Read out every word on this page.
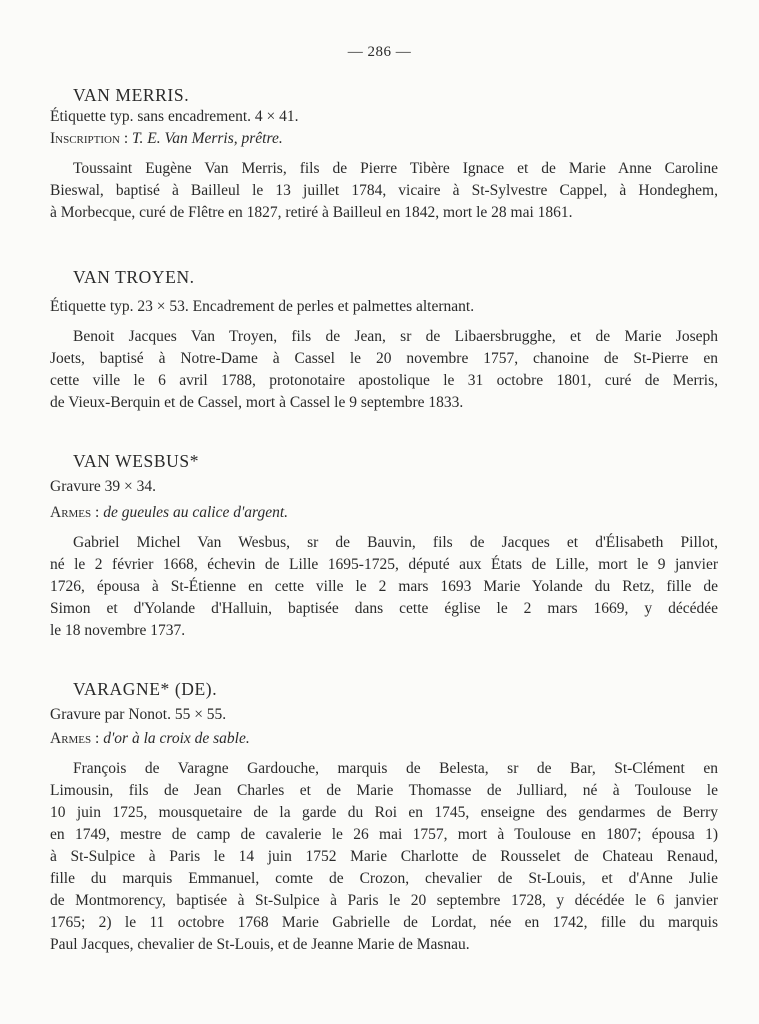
— 286 —
VAN MERRIS.
Étiquette typ. sans encadrement. 4 × 41.
Inscription : T. E. Van Merris, prêtre.
Toussaint Eugène Van Merris, fils de Pierre Tibère Ignace et de Marie Anne Caroline
Bieswal, baptisé à Bailleul le 13 juillet 1784, vicaire à St-Sylvestre Cappel, à Hondeghem,
à Morbecque, curé de Flêtre en 1827, retiré à Bailleul en 1842, mort le 28 mai 1861.
VAN TROYEN.
Étiquette typ. 23 × 53. Encadrement de perles et palmettes alternant.
Benoit Jacques Van Troyen, fils de Jean, sr de Libaersbrugghe, et de Marie Joseph
Joets, baptisé à Notre-Dame à Cassel le 20 novembre 1757, chanoine de St-Pierre en
cette ville le 6 avril 1788, protonotaire apostolique le 31 octobre 1801, curé de Merris,
de Vieux-Berquin et de Cassel, mort à Cassel le 9 septembre 1833.
VAN WESBUS*
Gravure 39 × 34.
Armes : de gueules au calice d'argent.
Gabriel Michel Van Wesbus, sr de Bauvin, fils de Jacques et d'Élisabeth Pillot,
né le 2 février 1668, échevin de Lille 1695-1725, député aux États de Lille, mort le 9 janvier
1726, épousa à St-Étienne en cette ville le 2 mars 1693 Marie Yolande du Retz, fille de
Simon et d'Yolande d'Halluin, baptisée dans cette église le 2 mars 1669, y décédée
le 18 novembre 1737.
VARAGNE* (DE).
Gravure par Nonot. 55 × 55.
Armes : d'or à la croix de sable.
François de Varagne Gardouche, marquis de Belesta, sr de Bar, St-Clément en
Limousin, fils de Jean Charles et de Marie Thomasse de Julliard, né à Toulouse le
10 juin 1725, mousquetaire de la garde du Roi en 1745, enseigne des gendarmes de Berry
en 1749, mestre de camp de cavalerie le 26 mai 1757, mort à Toulouse en 1807; épousa 1)
à St-Sulpice à Paris le 14 juin 1752 Marie Charlotte de Rousselet de Chateau Renaud,
fille du marquis Emmanuel, comte de Crozon, chevalier de St-Louis, et d'Anne Julie
de Montmorency, baptisée à St-Sulpice à Paris le 20 septembre 1728, y décédée le 6 janvier
1765; 2) le 11 octobre 1768 Marie Gabrielle de Lordat, née en 1742, fille du marquis
Paul Jacques, chevalier de St-Louis, et de Jeanne Marie de Masnau.
